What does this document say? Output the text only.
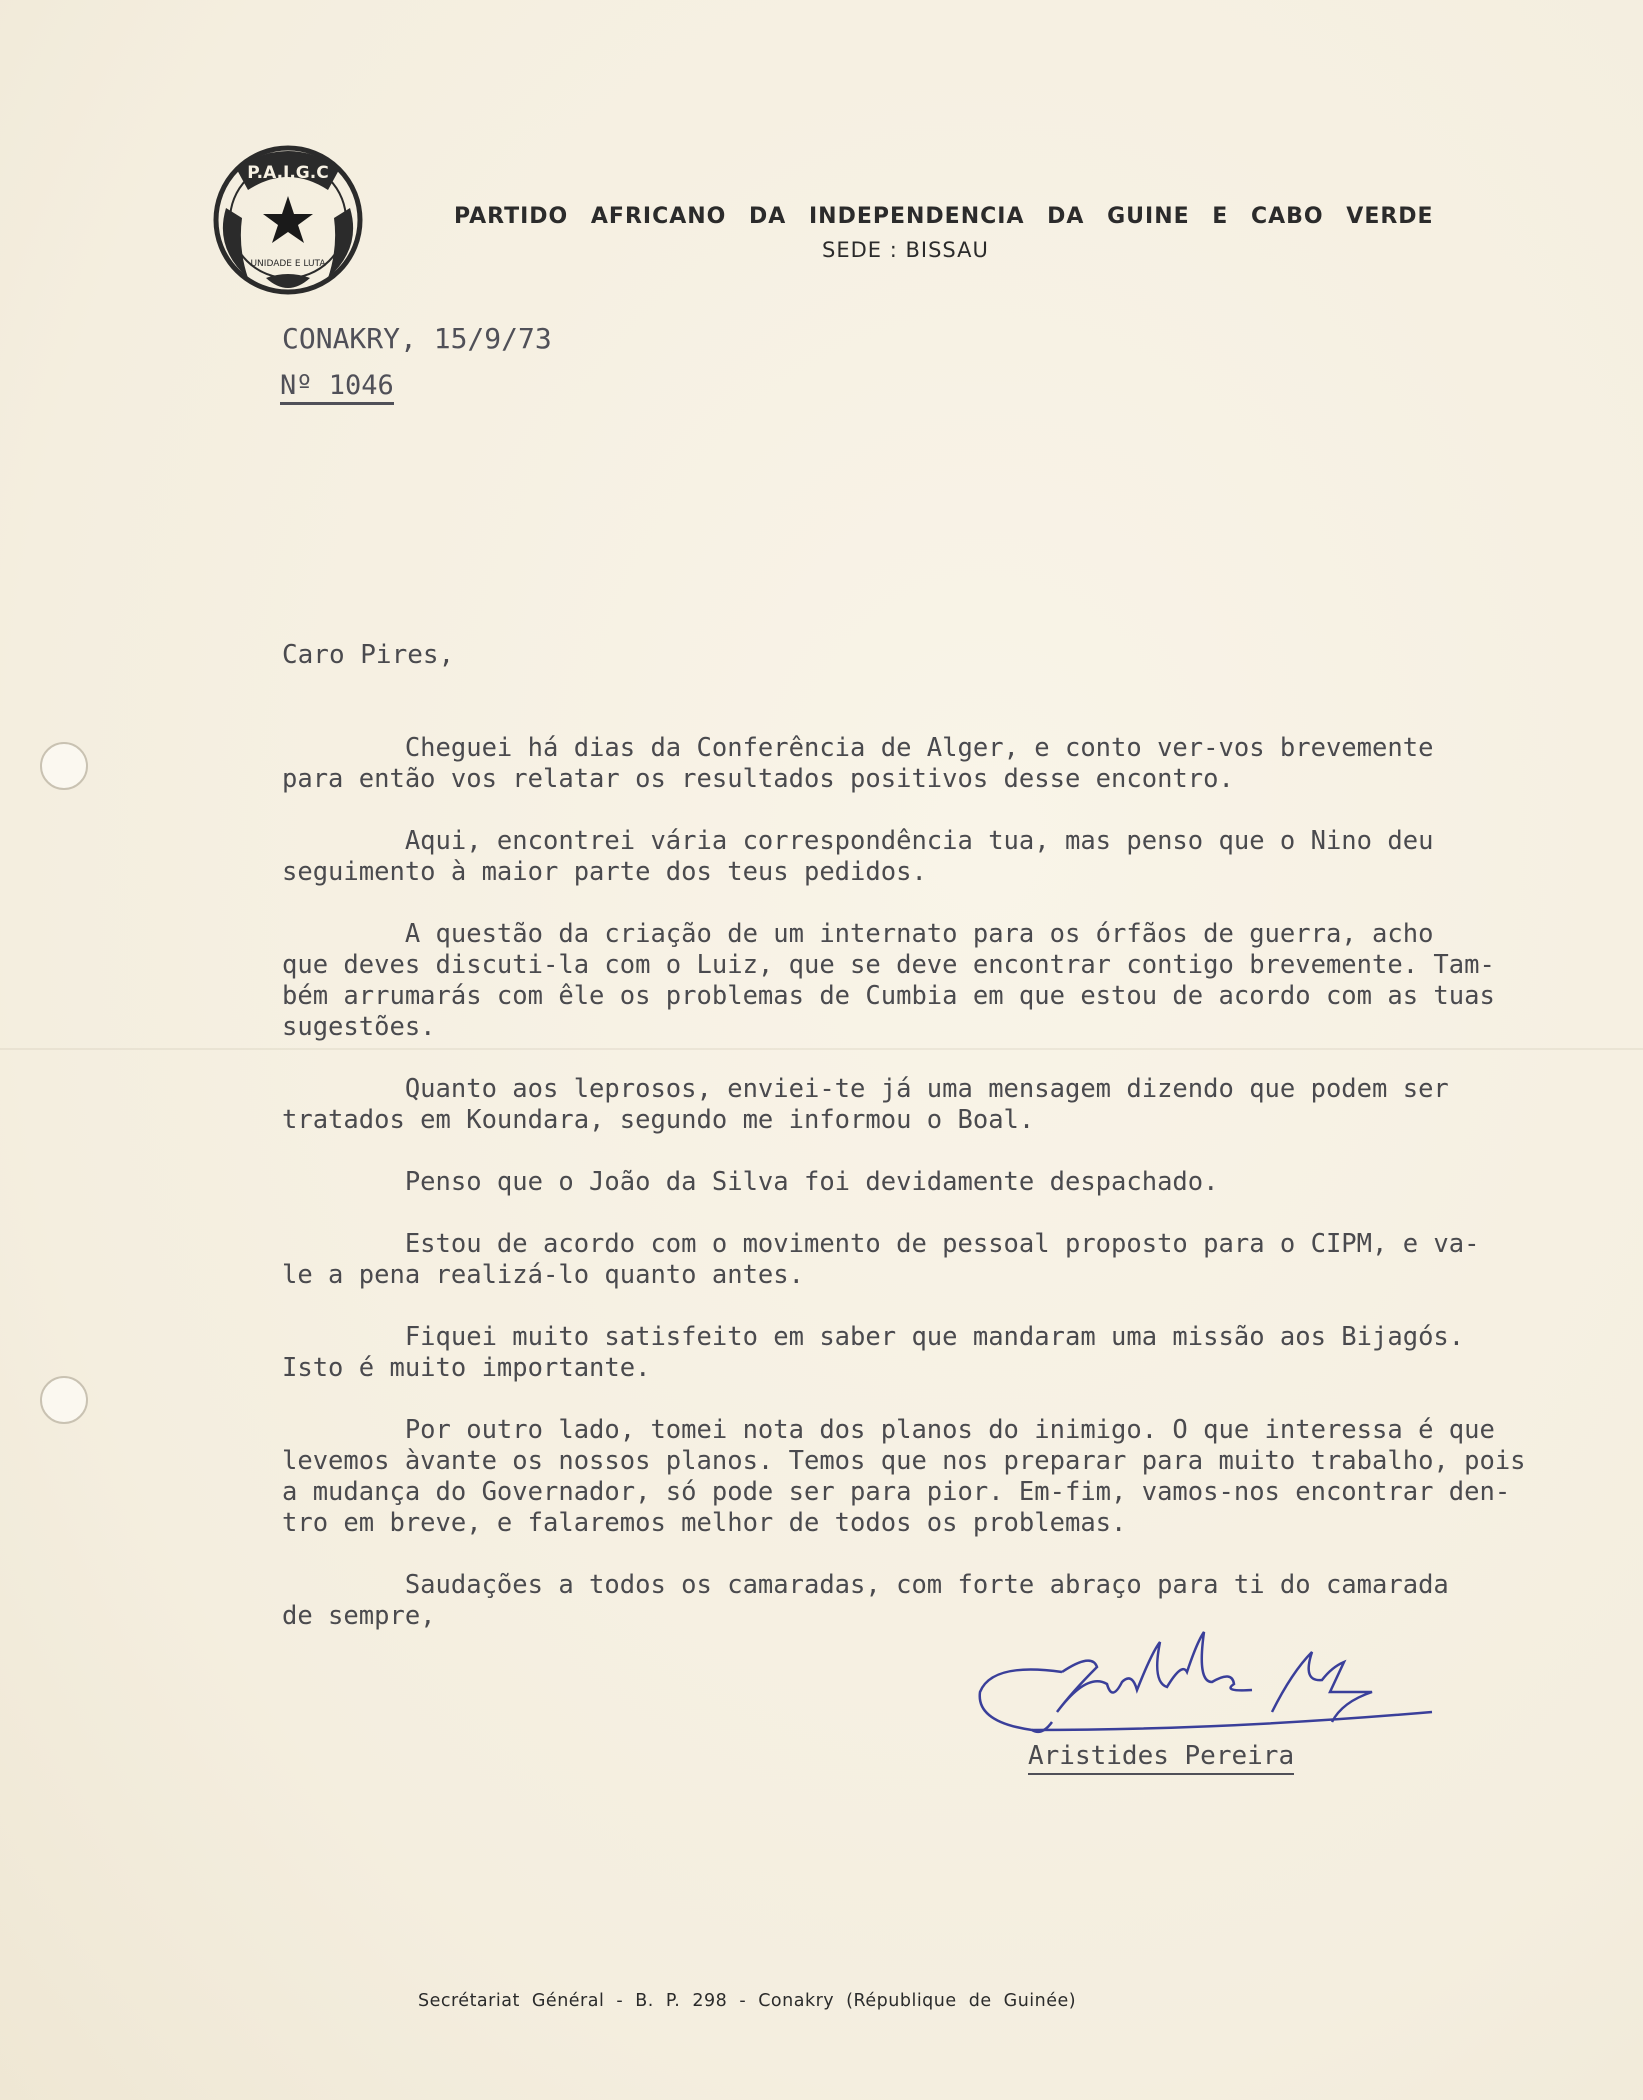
P.A.I.G.C
UNIDADE E LUTA
PARTIDO AFRICANO DA INDEPENDENCIA DA GUINE E CABO VERDE
SEDE : BISSAU
CONAKRY, 15/9/73
Nº 1046
Caro Pires,
Cheguei há dias da Conferência de Alger, e conto ver-vos brevemente
para então vos relatar os resultados positivos desse encontro.
Aqui, encontrei vária correspondência tua, mas penso que o Nino deu
seguimento à maior parte dos teus pedidos.
A questão da criação de um internato para os órfãos de guerra, acho
que deves discuti-la com o Luiz, que se deve encontrar contigo brevemente. Tam-
bém arrumarás com êle os problemas de Cumbia em que estou de acordo com as tuas
sugestões.
Quanto aos leprosos, enviei-te já uma mensagem dizendo que podem ser
tratados em Koundara, segundo me informou o Boal.
Penso que o João da Silva foi devidamente despachado.
Estou de acordo com o movimento de pessoal proposto para o CIPM, e va-
le a pena realizá-lo quanto antes.
Fiquei muito satisfeito em saber que mandaram uma missão aos Bijagós.
Isto é muito importante.
Por outro lado, tomei nota dos planos do inimigo. O que interessa é que
levemos àvante os nossos planos. Temos que nos preparar para muito trabalho, pois
a mudança do Governador, só pode ser para pior. Em-fim, vamos-nos encontrar den-
tro em breve, e falaremos melhor de todos os problemas.
Saudações a todos os camaradas, com forte abraço para ti do camarada
de sempre,
Aristides Pereira
Secrétariat Général - B. P. 298 - Conakry (République de Guinée)
